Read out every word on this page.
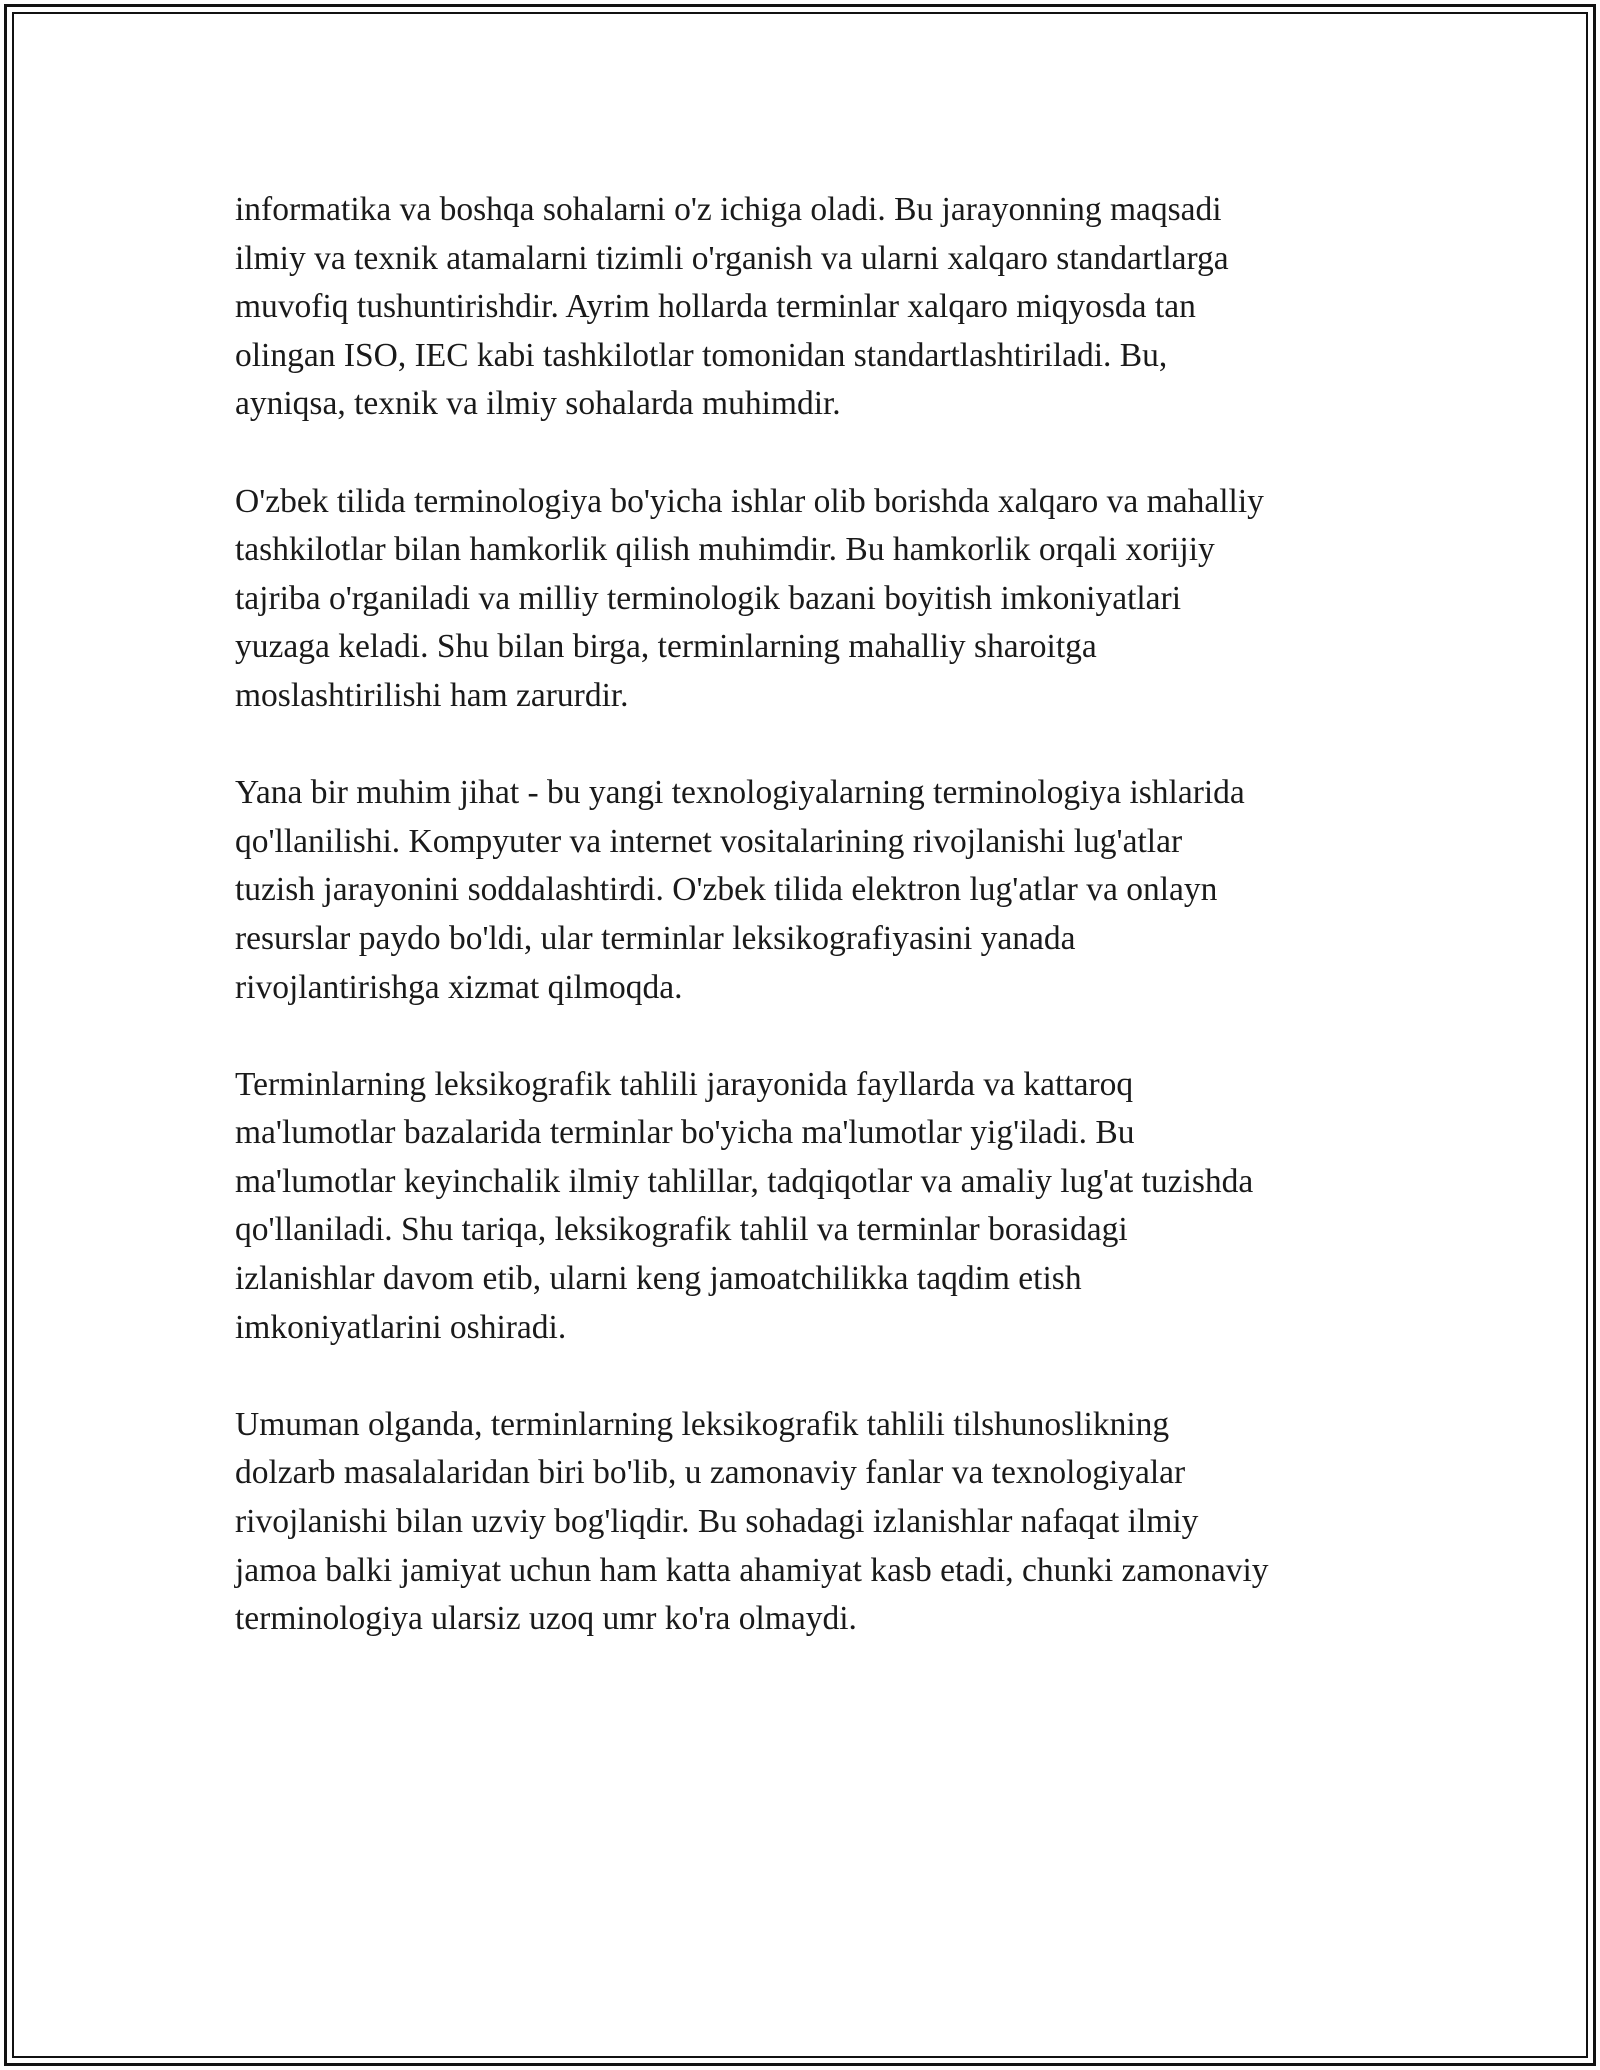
informatika va boshqa sohalarni o'z ichiga oladi. Bu jarayonning maqsadi
ilmiy va texnik atamalarni tizimli o'rganish va ularni xalqaro standartlarga
muvofiq tushuntirishdir. Ayrim hollarda terminlar xalqaro miqyosda tan
olingan ISO, IEC kabi tashkilotlar tomonidan standartlashtiriladi. Bu,
ayniqsa, texnik va ilmiy sohalarda muhimdir.

O'zbek tilida terminologiya bo'yicha ishlar olib borishda xalqaro va mahalliy
tashkilotlar bilan hamkorlik qilish muhimdir. Bu hamkorlik orqali xorijiy
tajriba o'rganiladi va milliy terminologik bazani boyitish imkoniyatlari
yuzaga keladi. Shu bilan birga, terminlarning mahalliy sharoitga
moslashtirilishi ham zarurdir.

Yana bir muhim jihat - bu yangi texnologiyalarning terminologiya ishlarida
qo'llanilishi. Kompyuter va internet vositalarining rivojlanishi lug'atlar
tuzish jarayonini soddalashtirdi. O'zbek tilida elektron lug'atlar va onlayn
resurslar paydo bo'ldi, ular terminlar leksikografiyasini yanada
rivojlantirishga xizmat qilmoqda.

Terminlarning leksikografik tahlili jarayonida fayllarda va kattaroq
ma'lumotlar bazalarida terminlar bo'yicha ma'lumotlar yig'iladi. Bu
ma'lumotlar keyinchalik ilmiy tahlillar, tadqiqotlar va amaliy lug'at tuzishda
qo'llaniladi. Shu tariqa, leksikografik tahlil va terminlar borasidagi
izlanishlar davom etib, ularni keng jamoatchilikka taqdim etish
imkoniyatlarini oshiradi.

Umuman olganda, terminlarning leksikografik tahlili tilshunoslikning
dolzarb masalalaridan biri bo'lib, u zamonaviy fanlar va texnologiyalar
rivojlanishi bilan uzviy bog'liqdir. Bu sohadagi izlanishlar nafaqat ilmiy
jamoa balki jamiyat uchun ham katta ahamiyat kasb etadi, chunki zamonaviy
terminologiya ularsiz uzoq umr ko'ra olmaydi.
